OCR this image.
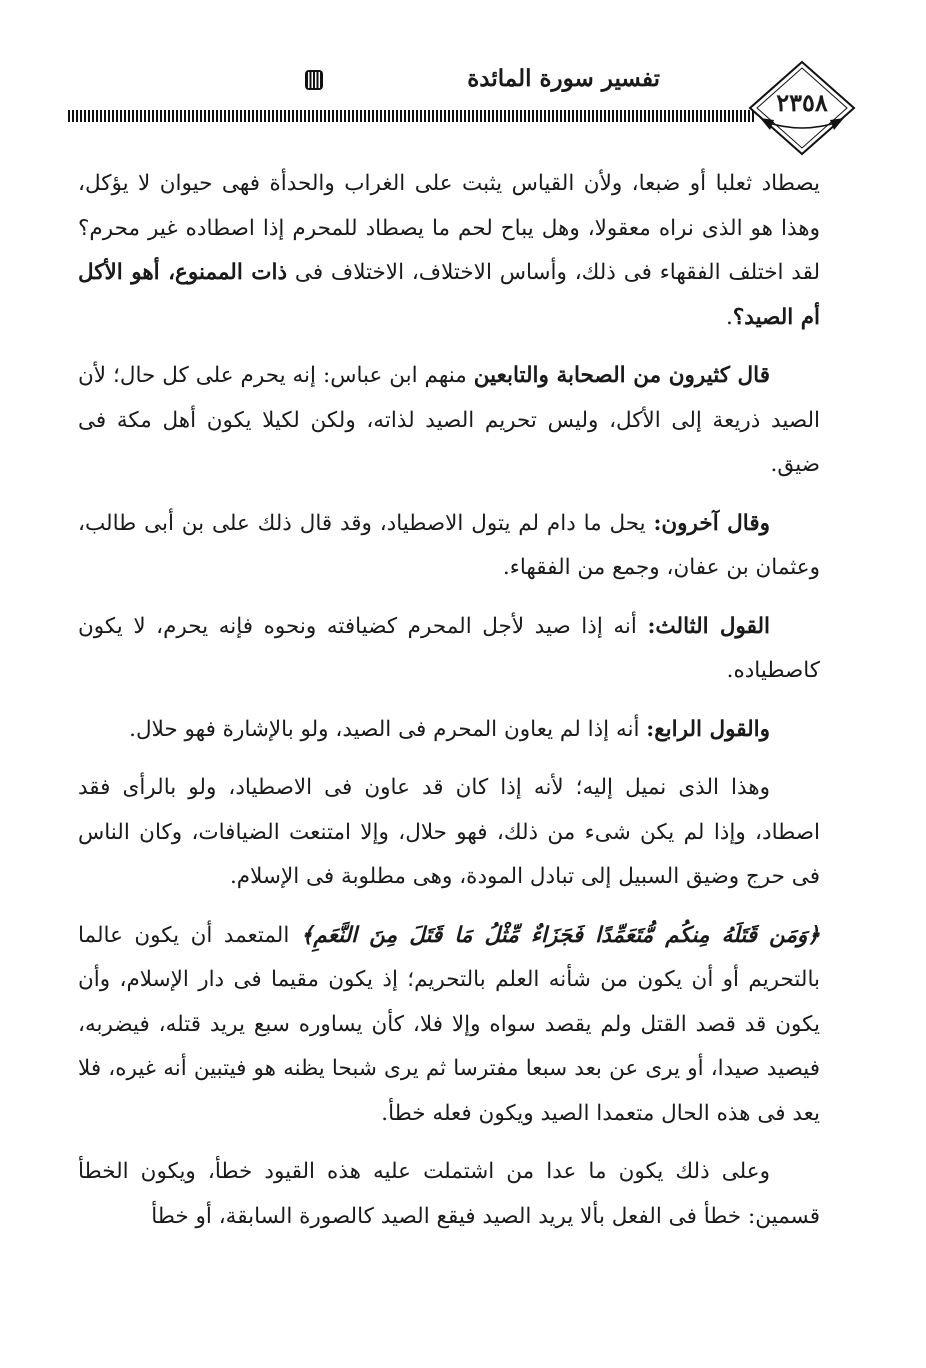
تفسير سورة المائدة
٢٣٥٨

يصطاد ثعلبا أو ضبعا، ولأن القياس يثبت على الغراب والحدأة فهى حيوان لا يؤكل، وهذا هو الذى نراه معقولا، وهل يباح لحم ما يصطاد للمحرم إذا اصطاده غير محرم؟ لقد اختلف الفقهاء فى ذلك، وأساس الاختلاف، الاختلاف فى ذات الممنوع، أهو الأكل أم الصيد؟.

قال كثيرون من الصحابة والتابعين منهم ابن عباس: إنه يحرم على كل حال؛ لأن الصيد ذريعة إلى الأكل، وليس تحريم الصيد لذاته، ولكن لكيلا يكون أهل مكة فى ضيق.

وقال آخرون: يحل ما دام لم يتول الاصطياد، وقد قال ذلك على بن أبى طالب، وعثمان بن عفان، وجمع من الفقهاء.

القول الثالث: أنه إذا صيد لأجل المحرم كضيافته ونحوه فإنه يحرم، لا يكون كاصطياده.

والقول الرابع: أنه إذا لم يعاون المحرم فى الصيد، ولو بالإشارة فهو حلال.

وهذا الذى نميل إليه؛ لأنه إذا كان قد عاون فى الاصطياد، ولو بالرأى فقد اصطاد، وإذا لم يكن شىء من ذلك، فهو حلال، وإلا امتنعت الضيافات، وكان الناس فى حرج وضيق السبيل إلى تبادل المودة، وهى مطلوبة فى الإسلام.

﴿وَمَن قَتَلَهُ مِنكُم مُّتَعَمِّدًا فَجَزَاءٌ مِّثْلُ مَا قَتَلَ مِنَ النَّعَمِ﴾ المتعمد أن يكون عالما بالتحريم أو أن يكون من شأنه العلم بالتحريم؛ إذ يكون مقيما فى دار الإسلام، وأن يكون قد قصد القتل ولم يقصد سواه وإلا فلا، كأن يساوره سبع يريد قتله، فيضربه، فيصيد صيدا، أو يرى عن بعد سبعا مفترسا ثم يرى شبحا يظنه هو فيتبين أنه غيره، فلا يعد فى هذه الحال متعمدا الصيد ويكون فعله خطأ.

وعلى ذلك يكون ما عدا من اشتملت عليه هذه القيود خطأ، ويكون الخطأ قسمين: خطأ فى الفعل بألا يريد الصيد فيقع الصيد كالصورة السابقة، أو خطأ
